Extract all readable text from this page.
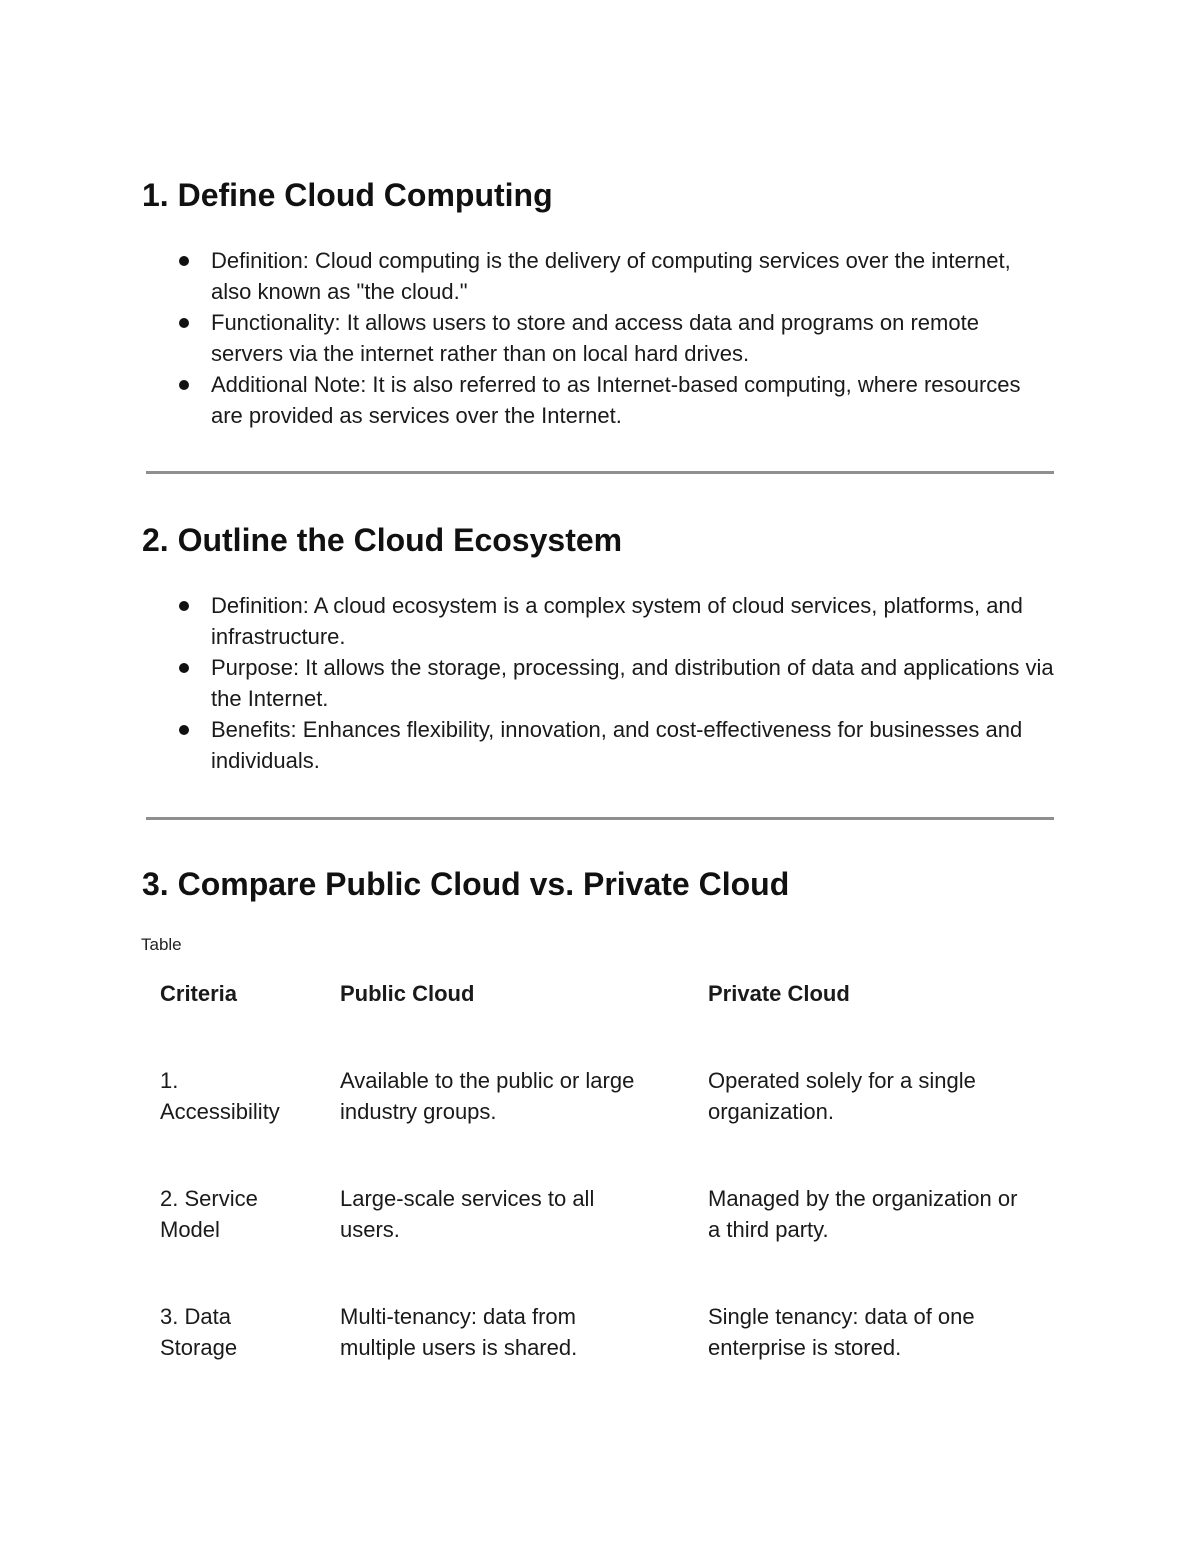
1. Define Cloud Computing
Definition: Cloud computing is the delivery of computing services over the internet, also known as "the cloud."
Functionality: It allows users to store and access data and programs on remote servers via the internet rather than on local hard drives.
Additional Note: It is also referred to as Internet-based computing, where resources are provided as services over the Internet.
2. Outline the Cloud Ecosystem
Definition: A cloud ecosystem is a complex system of cloud services, platforms, and infrastructure.
Purpose: It allows the storage, processing, and distribution of data and applications via the Internet.
Benefits: Enhances flexibility, innovation, and cost-effectiveness for businesses and individuals.
3. Compare Public Cloud vs. Private Cloud
Table
Criteria	Public Cloud	Private Cloud

1. Accessibility	Available to the public or large industry groups.	Operated solely for a single organization.

2. Service Model	Large-scale services to all users.	Managed by the organization or a third party.

3. Data Storage	Multi-tenancy: data from multiple users is shared.	Single tenancy: data of one enterprise is stored.
